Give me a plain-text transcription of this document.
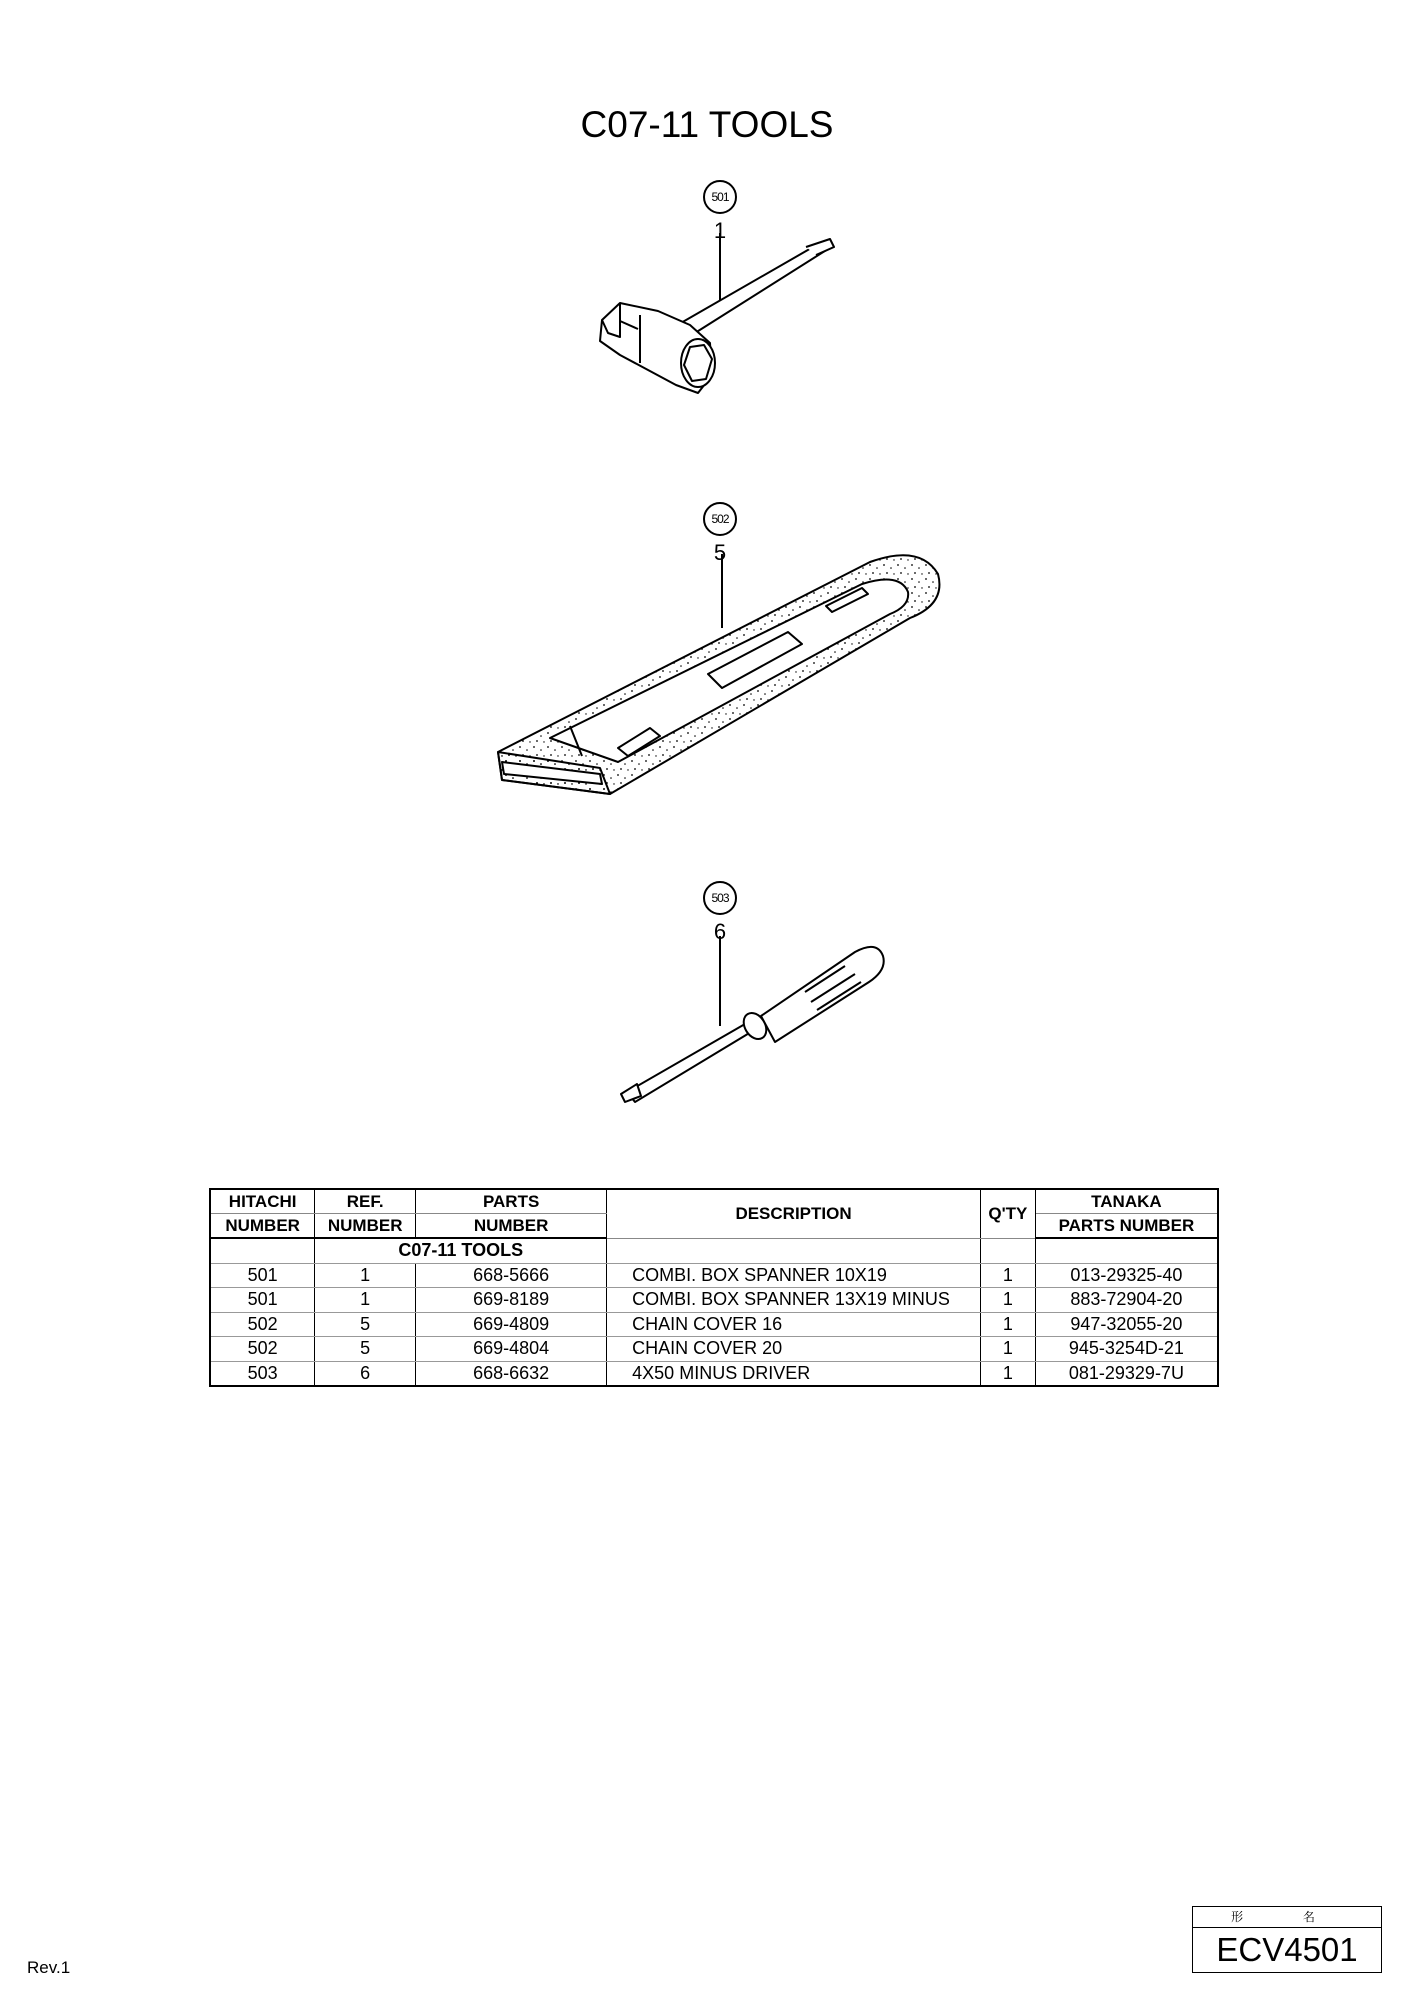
C07-11 TOOLS
501
1
502
5
503
6
HITACHI	REF.	PARTS	DESCRIPTION	Q'TY	TANAKA
NUMBER	NUMBER	NUMBER			PARTS NUMBER
	C07-11 TOOLS				
501	1	668-5666	COMBI. BOX SPANNER 10X19	1	013-29325-40
501	1	669-8189	COMBI. BOX SPANNER 13X19 MINUS	1	883-72904-20
502	5	669-4809	CHAIN COVER 16	1	947-32055-20
502	5	669-4804	CHAIN COVER 20	1	945-3254D-21
503	6	668-6632	4X50 MINUS DRIVER	1	081-29329-7U
Rev.1
形 名
ECV4501
